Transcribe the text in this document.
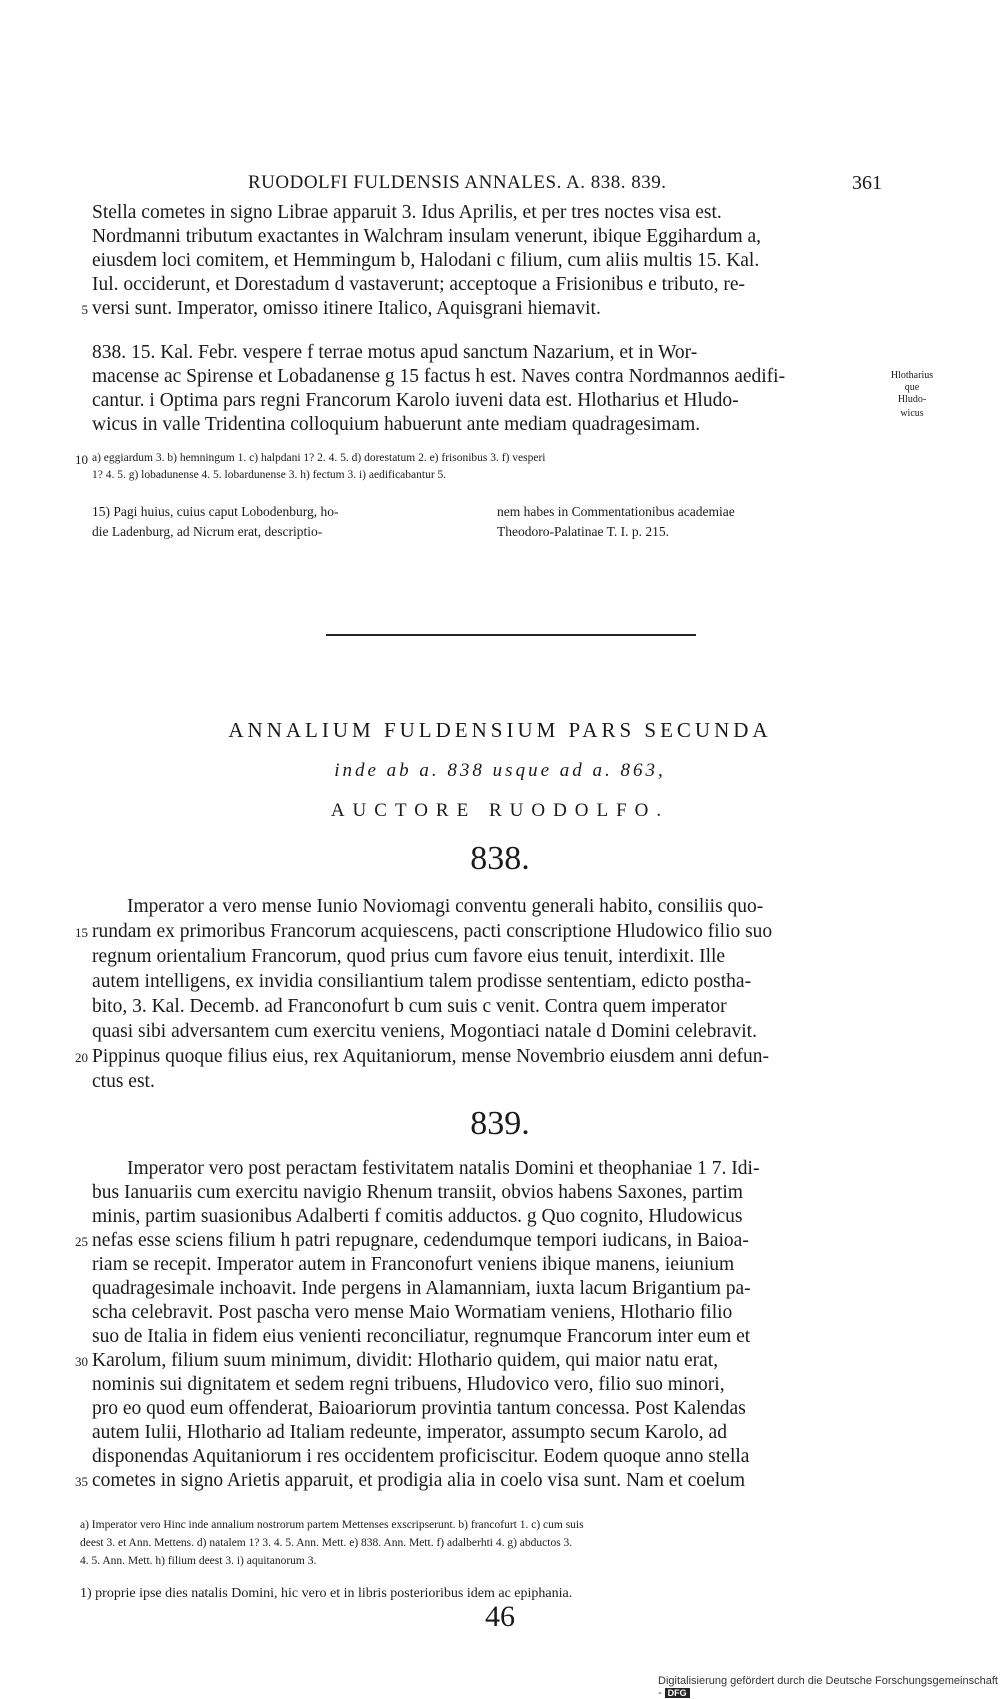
RUODOLFI FULDENSIS ANNALES. A. 838. 839.	361
Stella cometes in signo Librae apparuit 3. Idus Aprilis, et per tres noctes visa est.
Nordmanni tributum exactantes in Walchram insulam venerunt, ibique Eggihardum a,
eiusdem loci comitem, et Hemmingum b, Halodani c filium, cum aliis multis 15. Kal.
Iul. occiderunt, et Dorestadum d vastaverunt; acceptoque a Frisionibus e tributo, re-
versi sunt. Imperator, omisso itinere Italico, Aquisgrani hiemavit.
5
838. 15. Kal. Febr. vespere f terrae motus apud sanctum Nazarium, et in Wor-
macense ac Spirense et Lobadanense g 15 factus h est. Naves contra Nordmannos aedifi-
cantur. i Optima pars regni Francorum Karolo iuveni data est. Hlotharius et Hludo-
wicus in valle Tridentina colloquium habuerunt ante mediam quadragesimam.
Hlotharius
que
Hludo-
wicus
10 a) eggiardum 3. b) hemningum 1. c) halpdani 1? 2. 4. 5. d) dorestatum 2. e) frisonibus 3. f) vesperi
1? 4. 5. g) lobadunense 4. 5. lobardunense 3. h) fectum 3. i) aedificabantur 5.
15) Pagi huius, cuius caput Lobodenburg, ho-
die Ladenburg, ad Nicrum erat, descriptio-
nem habes in Commentationibus academiae
Theodoro-Palatinae T. I. p. 215.
ANNALIUM FULDENSIUM PARS SECUNDA
inde ab a. 838 usque ad a. 863,
AUCTORE RUODOLFO.
838.
Imperator a vero mense Iunio Noviomagi conventu generali habito, consiliis quo-
rundam ex primoribus Francorum acquiescens, pacti conscriptione Hludowico filio suo
regnum orientalium Francorum, quod prius cum favore eius tenuit, interdixit. Ille
autem intelligens, ex invidia consiliantium talem prodisse sententiam, edicto postha-
bito, 3. Kal. Decemb. ad Franconofurt b cum suis c venit. Contra quem imperator
quasi sibi adversantem cum exercitu veniens, Mogontiaci natale d Domini celebravit.
Pippinus quoque filius eius, rex Aquitaniorum, mense Novembrio eiusdem anni defun-
ctus est.
15
20
839.
Imperator vero post peractam festivitatem natalis Domini et theophaniae 1 7. Idi-
bus Ianuariis cum exercitu navigio Rhenum transiit, obvios habens Saxones, partim
minis, partim suasionibus Adalberti f comitis adductos. g Quo cognito, Hludowicus
nefas esse sciens filium h patri repugnare, cedendumque tempori iudicans, in Baioa-
riam se recepit. Imperator autem in Franconofurt veniens ibique manens, ieiunium
quadragesimale inchoavit. Inde pergens in Alamanniam, iuxta lacum Brigantium pa-
scha celebravit. Post pascha vero mense Maio Wormatiam veniens, Hlothario filio
suo de Italia in fidem eius venienti reconciliatur, regnumque Francorum inter eum et
Karolum, filium suum minimum, dividit: Hlothario quidem, qui maior natu erat,
nominis sui dignitatem et sedem regni tribuens, Hludovico vero, filio suo minori,
pro eo quod eum offenderat, Baioariorum provintia tantum concessa. Post Kalendas
autem Iulii, Hlothario ad Italiam redeunte, imperator, assumpto secum Karolo, ad
disponendas Aquitaniorum i res occidentem proficiscitur. Eodem quoque anno stella
cometes in signo Arietis apparuit, et prodigia alia in coelo visa sunt. Nam et coelum
25
30
35
a) Imperator vero Hinc inde annalium nostrorum partem Mettenses exscripserunt. b) francofurt 1. c) cum suis
deest 3. et Ann. Mettens. d) natalem 1? 3. 4. 5. Ann. Mett. e) 838. Ann. Mett. f) adalberhti 4. g) abductos 3.
4. 5. Ann. Mett. h) filium deest 3. i) aquitanorum 3.
1) proprie ipse dies natalis Domini, hic vero et in libris posterioribus idem ac epiphania.
46
Digitalisierung gefördert durch die Deutsche Forschungsgemeinschaft - DFG
